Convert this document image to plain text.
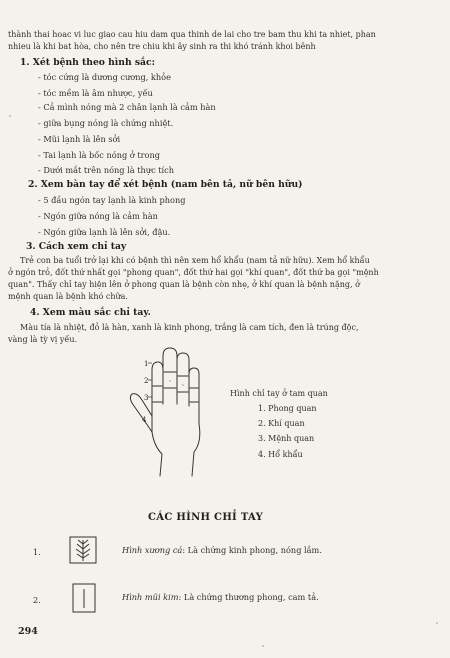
thành thai hoac vi luc giao cau hiu dam qua thinh de lai cho tre bam thu khi ta nhiet, phan
nhieu là khi bat hòa, cho nên tre chiu khi ây sinh ra thi khó tránh khoi bênh
1. Xét bệnh theo hình sắc:
- tóc cứng là dương cương, khỏe
- tóc mềm là âm nhược, yếu
- Cả mình nóng mà 2 chân lạnh là cảm hàn
- giữa bụng nóng là chứng nhiệt.
- Mũi lạnh là lên sởi
- Tai lạnh là bốc nóng ở trong
- Dưới mắt trên nóng là thực tích
2. Xem bàn tay để xét bệnh (nam bên tả, nữ bên hữu)
- 5 đầu ngón tay lạnh là kinh phong
- Ngón giữa nóng là cảm hàn
- Ngón giữa lạnh là lên sởi, đậu.
3. Cách xem chỉ tay
Trẻ con ba tuổi trở lại khi có bệnh thì nên xem hổ khẩu (nam tả nữ hữu). Xem hổ khẩu
ở ngón trỏ, đốt thứ nhất gọi "phong quan", đốt thứ hai gọi "khí quan", đốt thứ ba gọi "mệnh
quan". Thấy chỉ tay hiện lên ở phong quan là bệnh còn nhẹ, ở khí quan là bệnh nặng, ở
mệnh quan là bệnh khó chữa.
4. Xem màu sắc chỉ tay.
Màu tía là nhiệt, đỏ là hàn, xanh là kinh phong, trắng là cam tích, đen là trúng độc,
vàng là tỳ vị yếu.
1
2
3
4
Hình chỉ tay ở tam quan
1. Phong quan
2. Khí quan
3. Mệnh quan
4. Hổ khẩu
CÁC HÌNH CHỈ TAY
1.	Hình xương cá: Là chứng kinh phong, nóng lắm.
2.	Hình mũi kim: Là chứng thương phong, cam tả.
294
